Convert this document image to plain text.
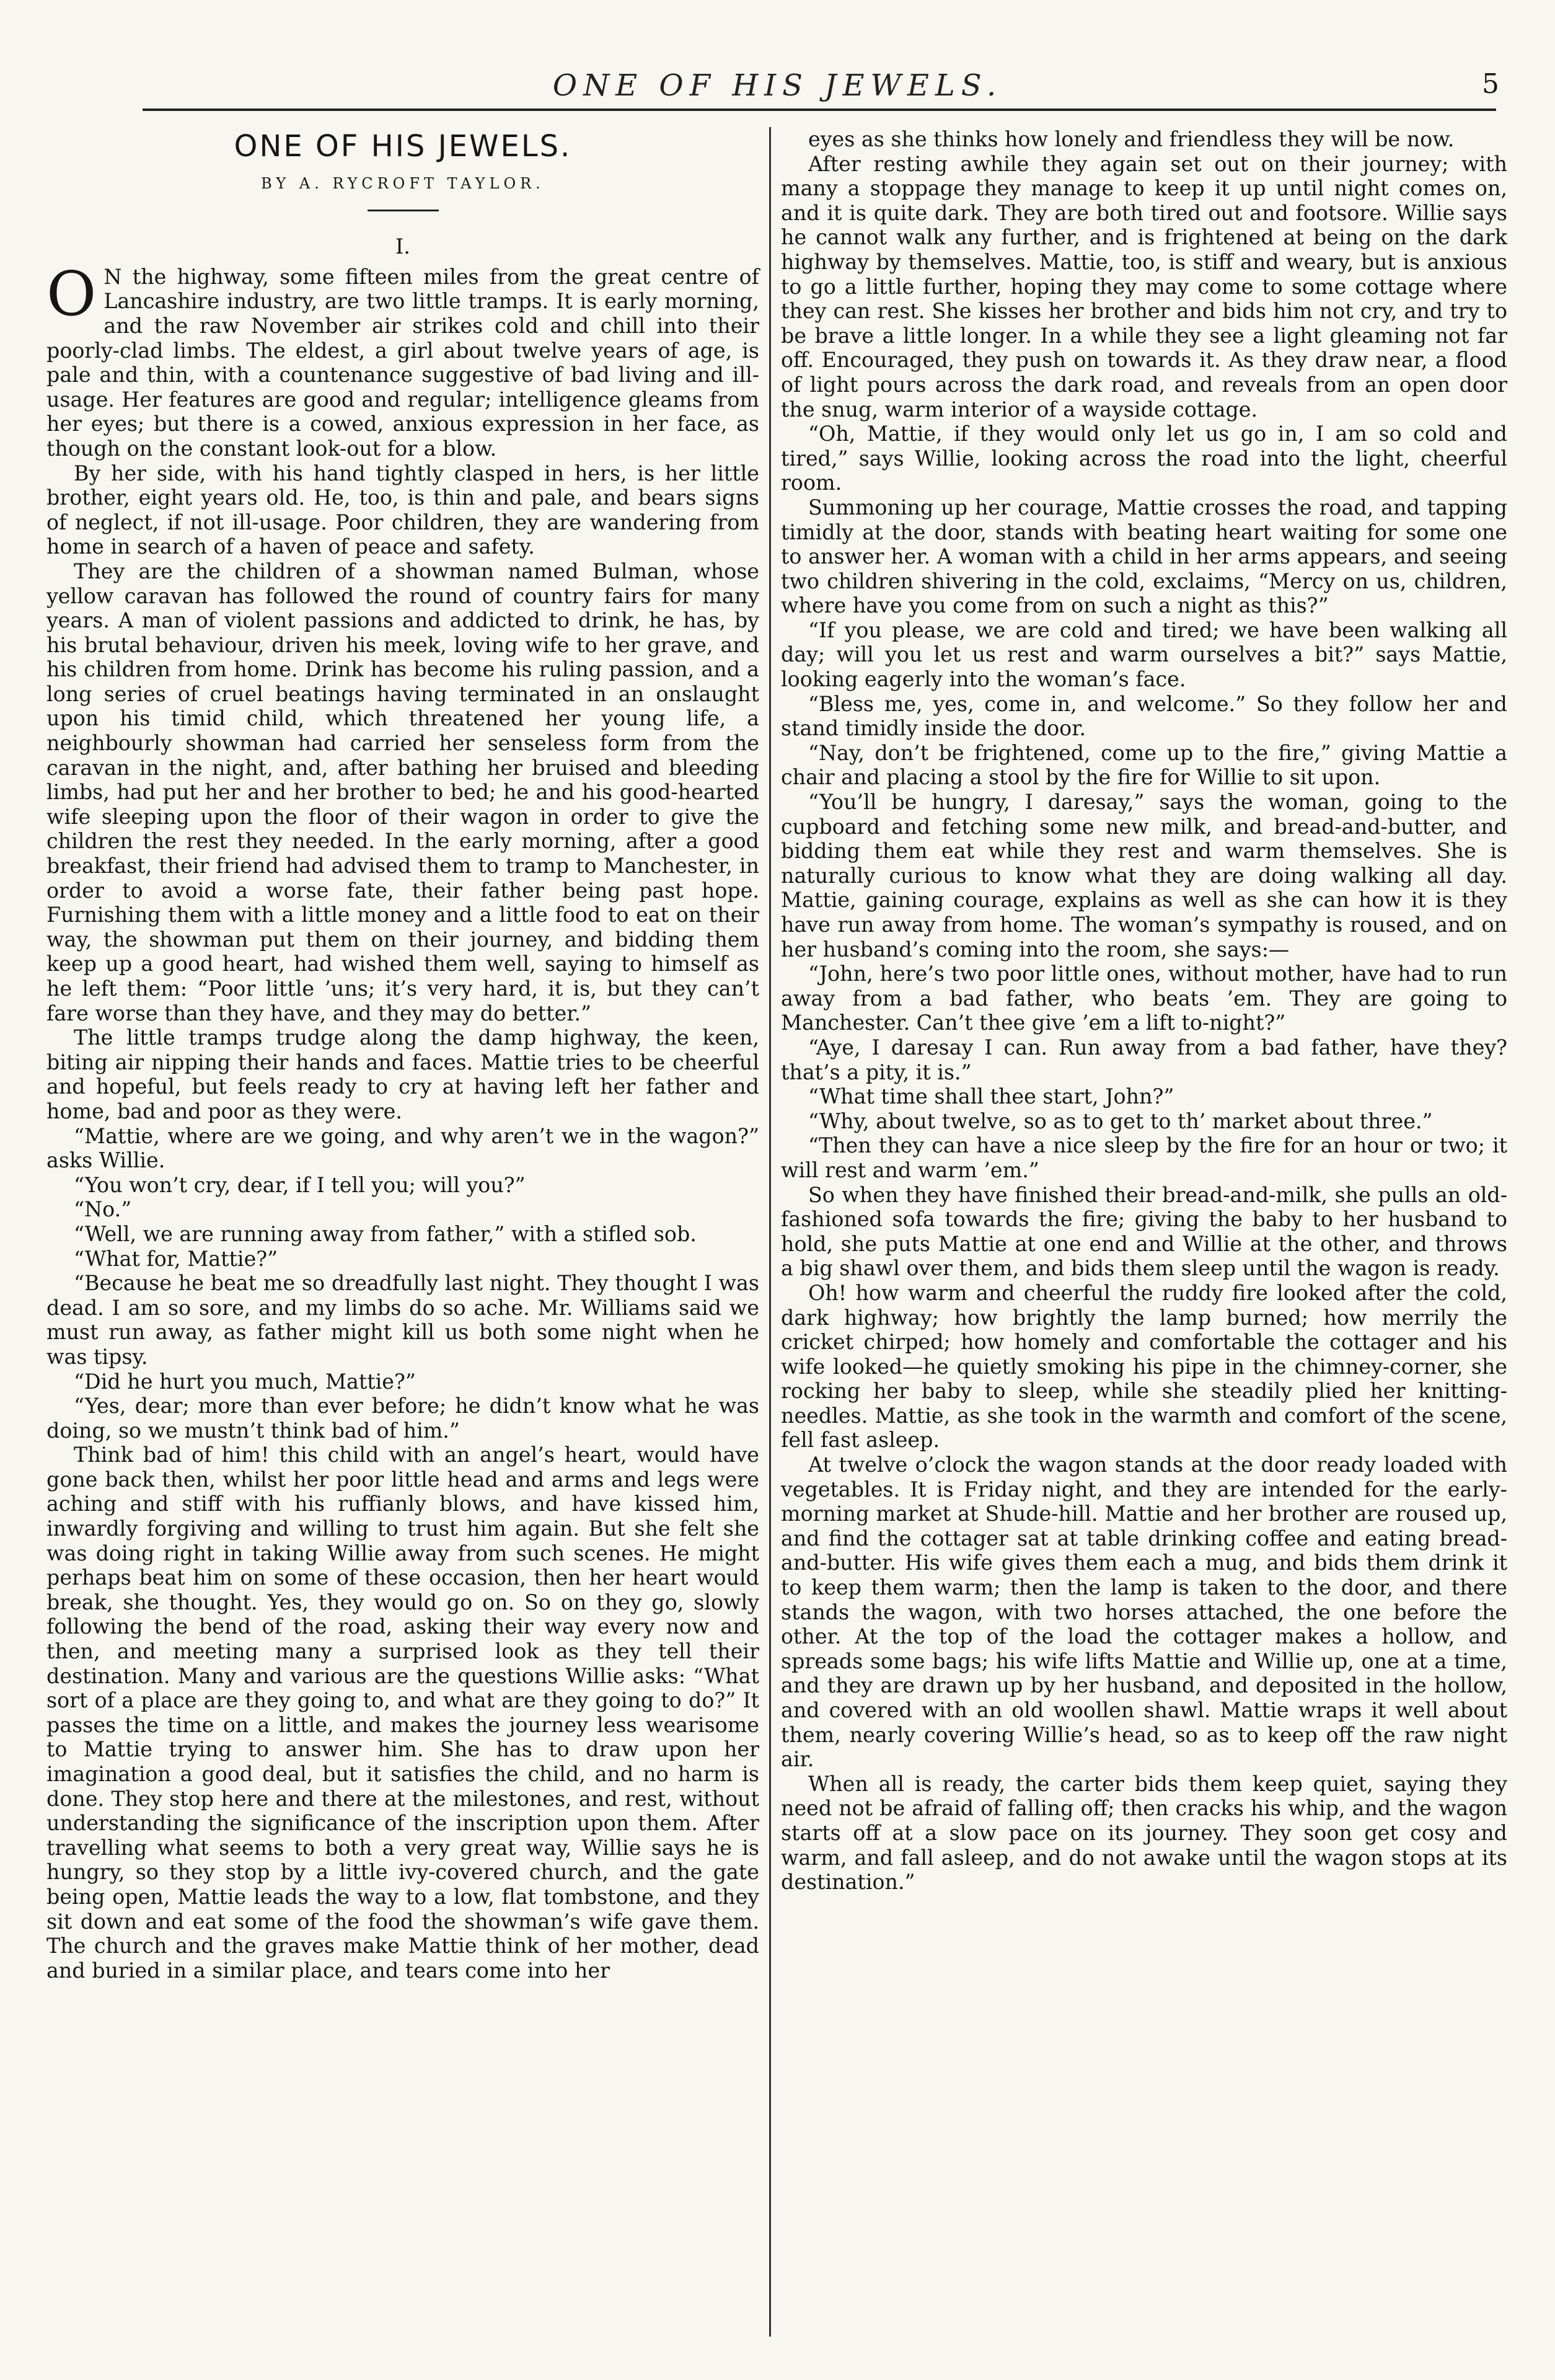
ONE OF HIS JEWELS.	5
ONE OF HIS JEWELS.
BY A. RYCROFT TAYLOR.
I.

O N the highway, some fifteen miles from the great centre of Lancashire industry, are two little tramps. It is early morning, and the raw November air strikes cold and chill into their poorly-clad limbs. The eldest, a girl about twelve years of age, is pale and thin, with a countenance suggestive of bad living and ill-usage. Her features are good and regular; intelligence gleams from her eyes; but there is a cowed, anxious expression in her face, as though on the constant look-out for a blow.

By her side, with his hand tightly clasped in hers, is her little brother, eight years old. He, too, is thin and pale, and bears signs of neglect, if not ill-usage. Poor children, they are wandering from home in search of a haven of peace and safety.

They are the children of a showman named Bulman, whose yellow caravan has followed the round of country fairs for many years. A man of violent passions and addicted to drink, he has, by his brutal behaviour, driven his meek, loving wife to her grave, and his children from home. Drink has become his ruling passion, and a long series of cruel beatings having terminated in an onslaught upon his timid child, which threatened her young life, a neighbourly showman had carried her senseless form from the caravan in the night, and, after bathing her bruised and bleeding limbs, had put her and her brother to bed; he and his good-hearted wife sleeping upon the floor of their wagon in order to give the children the rest they needed. In the early morning, after a good breakfast, their friend had advised them to tramp to Manchester, in order to avoid a worse fate, their father being past hope. Furnishing them with a little money and a little food to eat on their way, the showman put them on their journey, and bidding them keep up a good heart, had wished them well, saying to himself as he left them: “Poor little ’uns; it’s very hard, it is, but they can’t fare worse than they have, and they may do better.”

The little tramps trudge along the damp highway, the keen, biting air nipping their hands and faces. Mattie tries to be cheerful and hopeful, but feels ready to cry at having left her father and home, bad and poor as they were.

“Mattie, where are we going, and why aren’t we in the wagon?” asks Willie.

“You won’t cry, dear, if I tell you; will you?”

“No.”

“Well, we are running away from father,” with a stifled sob.

“What for, Mattie?”

“Because he beat me so dreadfully last night. They thought I was dead. I am so sore, and my limbs do so ache. Mr. Williams said we must run away, as father might kill us both some night when he was tipsy.

“Did he hurt you much, Mattie?”

“Yes, dear; more than ever before; he didn’t know what he was doing, so we mustn’t think bad of him.”

Think bad of him! this child with an angel’s heart, would have gone back then, whilst her poor little head and arms and legs were aching and stiff with his ruffianly blows, and have kissed him, inwardly forgiving and willing to trust him again. But she felt she was doing right in taking Willie away from such scenes. He might perhaps beat him on some of these occasion, then her heart would break, she thought. Yes, they would go on. So on they go, slowly following the bend of the road, asking their way every now and then, and meeting many a surprised look as they tell their destination. Many and various are the questions Willie asks: “What sort of a place are they going to, and what are they going to do?” It passes the time on a little, and makes the journey less wearisome to Mattie trying to answer him. She has to draw upon her imagination a good deal, but it satisfies the child, and no harm is done. They stop here and there at the milestones, and rest, without understanding the significance of the inscription upon them. After travelling what seems to both a very great way, Willie says he is hungry, so they stop by a little ivy-covered church, and the gate being open, Mattie leads the way to a low, flat tombstone, and they sit down and eat some of the food the showman’s wife gave them. The church and the graves make Mattie think of her mother, dead and buried in a similar place, and tears come into her

eyes as she thinks how lonely and friendless they will be now.

After resting awhile they again set out on their journey; with many a stoppage they manage to keep it up until night comes on, and it is quite dark. They are both tired out and footsore. Willie says he cannot walk any further, and is frightened at being on the dark highway by themselves. Mattie, too, is stiff and weary, but is anxious to go a little further, hoping they may come to some cottage where they can rest. She kisses her brother and bids him not cry, and try to be brave a little longer. In a while they see a light gleaming not far off. Encouraged, they push on towards it. As they draw near, a flood of light pours across the dark road, and reveals from an open door the snug, warm interior of a wayside cottage.

“Oh, Mattie, if they would only let us go in, I am so cold and tired,” says Willie, looking across the road into the light, cheerful room.

Summoning up her courage, Mattie crosses the road, and tapping timidly at the door, stands with beating heart waiting for some one to answer her. A woman with a child in her arms appears, and seeing two children shivering in the cold, exclaims, “Mercy on us, children, where have you come from on such a night as this?”

“If you please, we are cold and tired; we have been walking all day; will you let us rest and warm ourselves a bit?” says Mattie, looking eagerly into the woman’s face.

“Bless me, yes, come in, and welcome.” So they follow her and stand timidly inside the door.

“Nay, don’t be frightened, come up to the fire,” giving Mattie a chair and placing a stool by the fire for Willie to sit upon.

“You’ll be hungry, I daresay,” says the woman, going to the cupboard and fetching some new milk, and bread-and-butter, and bidding them eat while they rest and warm themselves. She is naturally curious to know what they are doing walking all day. Mattie, gaining courage, explains as well as she can how it is they have run away from home. The woman’s sympathy is roused, and on her husband’s coming into the room, she says:—

“John, here’s two poor little ones, without mother, have had to run away from a bad father, who beats ’em. They are going to Manchester. Can’t thee give ’em a lift to-night?”

“Aye, I daresay I can. Run away from a bad father, have they? that’s a pity, it is.”

“What time shall thee start, John?”

“Why, about twelve, so as to get to th’ market about three.”

“Then they can have a nice sleep by the fire for an hour or two; it will rest and warm ’em.”

So when they have finished their bread-and-milk, she pulls an old-fashioned sofa towards the fire; giving the baby to her husband to hold, she puts Mattie at one end and Willie at the other, and throws a big shawl over them, and bids them sleep until the wagon is ready.

Oh! how warm and cheerful the ruddy fire looked after the cold, dark highway; how brightly the lamp burned; how merrily the cricket chirped; how homely and comfortable the cottager and his wife looked—he quietly smoking his pipe in the chimney-corner, she rocking her baby to sleep, while she steadily plied her knitting-needles. Mattie, as she took in the warmth and comfort of the scene, fell fast asleep.

At twelve o’clock the wagon stands at the door ready loaded with vegetables. It is Friday night, and they are intended for the early-morning market at Shude-hill. Mattie and her brother are roused up, and find the cottager sat at table drinking coffee and eating bread-and-butter. His wife gives them each a mug, and bids them drink it to keep them warm; then the lamp is taken to the door, and there stands the wagon, with two horses attached, the one before the other. At the top of the load the cottager makes a hollow, and spreads some bags; his wife lifts Mattie and Willie up, one at a time, and they are drawn up by her husband, and deposited in the hollow, and covered with an old woollen shawl. Mattie wraps it well about them, nearly covering Willie’s head, so as to keep off the raw night air.

When all is ready, the carter bids them keep quiet, saying they need not be afraid of falling off; then cracks his whip, and the wagon starts off at a slow pace on its journey. They soon get cosy and warm, and fall asleep, and do not awake until the wagon stops at its destination.”
